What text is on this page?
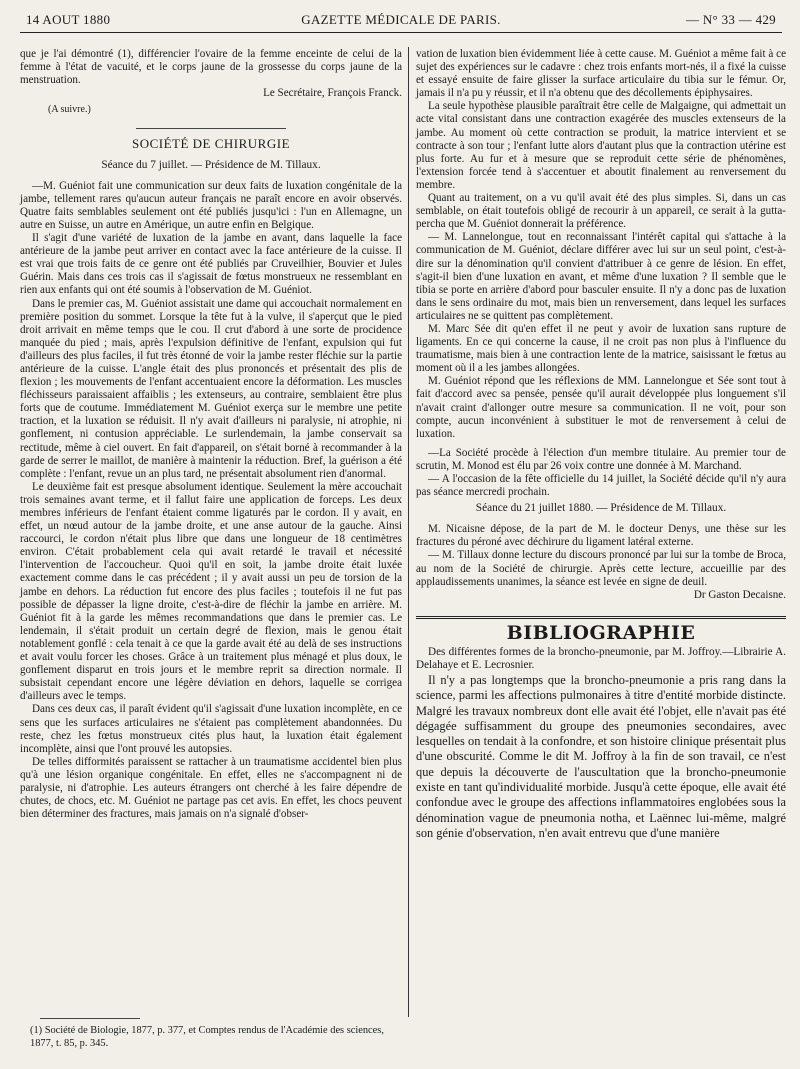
14 AOUT 1880	GAZETTE MÉDICALE DE PARIS.	— N° 33 — 429

que je l'ai démontré (1), différencier l'ovaire de la femme enceinte de celui de la femme à l'état de vacuité, et le corps jaune de la grossesse du corps jaune de la menstruation.

Le Secrétaire, François Franck.

(A suivre.)
SOCIÉTÉ DE CHIRURGIE
Séance du 7 juillet. — Présidence de M. Tillaux.

—M. Guéniot fait une communication sur deux faits de luxation congénitale de la jambe, tellement rares qu'aucun auteur français ne paraît encore en avoir observés. Quatre faits semblables seulement ont été publiés jusqu'ici : l'un en Allemagne, un autre en Suisse, un autre en Amérique, un autre enfin en Belgique.

Il s'agit d'une variété de luxation de la jambe en avant, dans laquelle la face antérieure de la jambe peut arriver en contact avec la face antérieure de la cuisse. Il est vrai que trois faits de ce genre ont été publiés par Cruveilhier, Bouvier et Jules Guérin. Mais dans ces trois cas il s'agissait de fœtus monstrueux ne ressemblant en rien aux enfants qui ont été soumis à l'observation de M. Guéniot.

Dans le premier cas, M. Guéniot assistait une dame qui accouchait normalement en première position du sommet. Lorsque la tête fut à la vulve, il s'aperçut que le pied droit arrivait en même temps que le cou. Il crut d'abord à une sorte de procidence manquée du pied ; mais, après l'expulsion définitive de l'enfant, expulsion qui fut d'ailleurs des plus faciles, il fut très étonné de voir la jambe rester fléchie sur la partie antérieure de la cuisse. L'angle était des plus prononcés et présentait des plis de flexion ; les mouvements de l'enfant accentuaient encore la déformation. Les muscles fléchisseurs paraissaient affaiblis ; les extenseurs, au contraire, semblaient être plus forts que de coutume. Immédiatement M. Guéniot exerça sur le membre une petite traction, et la luxation se réduisit. Il n'y avait d'ailleurs ni paralysie, ni atrophie, ni gonflement, ni contusion appréciable. Le surlendemain, la jambe conservait sa rectitude, même à ciel ouvert. En fait d'appareil, on s'était borné à recommander à la garde de serrer le maillot, de manière à maintenir la réduction. Bref, la guérison a été complète : l'enfant, revue un an plus tard, ne présentait absolument rien d'anormal.

Le deuxième fait est presque absolument identique. Seulement la mère accouchait trois semaines avant terme, et il fallut faire une application de forceps. Les deux membres inférieurs de l'enfant étaient comme ligaturés par le cordon. Il y avait, en effet, un nœud autour de la jambe droite, et une anse autour de la gauche. Ainsi raccourci, le cordon n'était plus libre que dans une longueur de 18 centimètres environ. C'était probablement cela qui avait retardé le travail et nécessité l'intervention de l'accoucheur. Quoi qu'il en soit, la jambe droite était luxée exactement comme dans le cas précédent ; il y avait aussi un peu de torsion de la jambe en dehors. La réduction fut encore des plus faciles ; toutefois il ne fut pas possible de dépasser la ligne droite, c'est-à-dire de fléchir la jambe en arrière. M. Guéniot fit à la garde les mêmes recommandations que dans le premier cas. Le lendemain, il s'était produit un certain degré de flexion, mais le genou était notablement gonflé : cela tenait à ce que la garde avait été au delà de ses instructions et avait voulu forcer les choses. Grâce à un traitement plus ménagé et plus doux, le gonflement disparut en trois jours et le membre reprit sa direction normale. Il subsistait cependant encore une légère déviation en dehors, laquelle se corrigea d'ailleurs avec le temps.

Dans ces deux cas, il paraît évident qu'il s'agissait d'une luxation incomplète, en ce sens que les surfaces articulaires ne s'étaient pas complètement abandonnées. Du reste, chez les fœtus monstrueux cités plus haut, la luxation était également incomplète, ainsi que l'ont prouvé les autopsies.

De telles difformités paraissent se rattacher à un traumatisme accidentel bien plus qu'à une lésion organique congénitale. En effet, elles ne s'accompagnent ni de paralysie, ni d'atrophie. Les auteurs étrangers ont cherché à les faire dépendre de chutes, de chocs, etc. M. Guéniot ne partage pas cet avis. En effet, les chocs peuvent bien déterminer des fractures, mais jamais on n'a signalé d'obser-

(1) Société de Biologie, 1877, p. 377, et Comptes rendus de l'Académie des sciences, 1877, t. 85, p. 345.

vation de luxation bien évidemment liée à cette cause. M. Guéniot a même fait à ce sujet des expériences sur le cadavre : chez trois enfants mort-nés, il a fixé la cuisse et essayé ensuite de faire glisser la surface articulaire du tibia sur le fémur. Or, jamais il n'a pu y réussir, et il n'a obtenu que des décollements épiphysaires.

La seule hypothèse plausible paraîtrait être celle de Malgaigne, qui admettait un acte vital consistant dans une contraction exagérée des muscles extenseurs de la jambe. Au moment où cette contraction se produit, la matrice intervient et se contracte à son tour ; l'enfant lutte alors d'autant plus que la contraction utérine est plus forte. Au fur et à mesure que se reproduit cette série de phénomènes, l'extension forcée tend à s'accentuer et aboutit finalement au renversement du membre.

Quant au traitement, on a vu qu'il avait été des plus simples. Si, dans un cas semblable, on était toutefois obligé de recourir à un appareil, ce serait à la gutta-percha que M. Guéniot donnerait la préférence.

— M. Lannelongue, tout en reconnaissant l'intérêt capital qui s'attache à la communication de M. Guéniot, déclare différer avec lui sur un seul point, c'est-à-dire sur la dénomination qu'il convient d'attribuer à ce genre de lésion. En effet, s'agit-il bien d'une luxation en avant, et même d'une luxation ? Il semble que le tibia se porte en arrière d'abord pour basculer ensuite. Il n'y a donc pas de luxation dans le sens ordinaire du mot, mais bien un renversement, dans lequel les surfaces articulaires ne se quittent pas complètement.

M. Marc Sée dit qu'en effet il ne peut y avoir de luxation sans rupture de ligaments. En ce qui concerne la cause, il ne croit pas non plus à l'influence du traumatisme, mais bien à une contraction lente de la matrice, saisissant le fœtus au moment où il a les jambes allongées.

M. Guéniot répond que les réflexions de MM. Lannelongue et Sée sont tout à fait d'accord avec sa pensée, pensée qu'il aurait développée plus longuement s'il n'avait craint d'allonger outre mesure sa communication. Il ne voit, pour son compte, aucun inconvénient à substituer le mot de renversement à celui de luxation.

—La Société procède à l'élection d'un membre titulaire. Au premier tour de scrutin, M. Monod est élu par 26 voix contre une donnée à M. Marchand.

— A l'occasion de la fête officielle du 14 juillet, la Société décide qu'il n'y aura pas séance mercredi prochain.

Séance du 21 juillet 1880. — Présidence de M. Tillaux.

M. Nicaisne dépose, de la part de M. le docteur Denys, une thèse sur les fractures du péroné avec déchirure du ligament latéral externe.

— M. Tillaux donne lecture du discours prononcé par lui sur la tombe de Broca, au nom de la Société de chirurgie. Après cette lecture, accueillie par des applaudissements unanimes, la séance est levée en signe de deuil.

Dr Gaston Decaisne.

BIBLIOGRAPHIE

Des différentes formes de la broncho-pneumonie, par M. Joffroy.—Librairie A. Delahaye et E. Lecrosnier.

Il n'y a pas longtemps que la broncho-pneumonie a pris rang dans la science, parmi les affections pulmonaires à titre d'entité morbide distincte. Malgré les travaux nombreux dont elle avait été l'objet, elle n'avait pas été dégagée suffisamment du groupe des pneumonies secondaires, avec lesquelles on tendait à la confondre, et son histoire clinique présentait plus d'une obscurité. Comme le dit M. Joffroy à la fin de son travail, ce n'est que depuis la découverte de l'auscultation que la broncho-pneumonie existe en tant qu'individualité morbide. Jusqu'à cette époque, elle avait été confondue avec le groupe des affections inflammatoires englobées sous la dénomination vague de pneumonia notha, et Laënnec lui-même, malgré son génie d'observation, n'en avait entrevu que d'une manière
